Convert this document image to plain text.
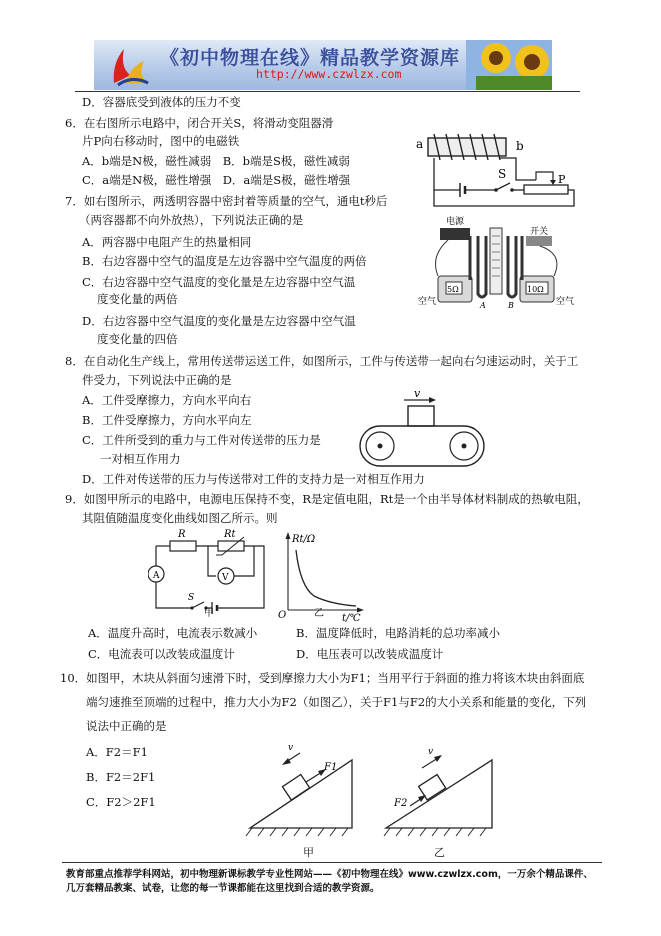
《初中物理在线》精品教学资源库
http://www.czwlzx.com
D．容器底受到液体的压力不变
6．在右图所示电路中，闭合开关S，将滑动变阻器滑
片P向右移动时，图中的电磁铁
A．b端是N极，磁性减弱　B．b端是S极，磁性减弱
C．a端是N极，磁性增强　D．a端是S极，磁性增强
7．如右图所示，两透明容器中密封着等质量的空气，通电t秒后
（两容器都不向外放热），下列说法正确的是
A．两容器中电阻产生的热量相同
B．右边容器中空气的温度是左边容器中空气温度的两倍
C．右边容器中空气温度的变化量是左边容器中空气温
度变化量的两倍
D．右边容器中空气温度的变化量是左边容器中空气温
度变化量的四倍
8．在自动化生产线上，常用传送带运送工件，如图所示，工件与传送带一起向右匀速运动时，关于工
件受力，下列说法中正确的是
A．工件受摩擦力，方向水平向右
B．工件受摩擦力，方向水平向左
C．工件所受到的重力与工件对传送带的压力是
一对相互作用力
D．工件对传送带的压力与传送带对工件的支持力是一对相互作用力
9．如图甲所示的电路中，电源电压保持不变，R是定值电阻，Rt是一个由半导体材料制成的热敏电阻，
其阻值随温度变化曲线如图乙所示。则
A．温度升高时，电流表示数减小	B．温度降低时，电路消耗的总功率减小
C．电流表可以改装成温度计	D．电压表可以改装成温度计
10．如图甲，木块从斜面匀速滑下时，受到摩擦力大小为F1；当用平行于斜面的推力将该木块由斜面底
端匀速推至顶端的过程中，推力大小为F2（如图乙），关于F1与F2的大小关系和能量的变化，下列
说法中正确的是
A．F2＝F1
B．F2＝2F1
C．F2＞2F1
a	b
S	P
电源
开关
5Ω	10Ω
A	B
空气	空气
v
R	Rt
A	V
S
甲
Rt/Ω
t/℃
O	乙
v
F1
v
F2
甲	乙
教育部重点推荐学科网站，初中物理新课标教学专业性网站——《初中物理在线》www.czwlzx.com，一万余个精品课件、
几万套精品教案、试卷，让您的每一节课都能在这里找到合适的教学资源。
